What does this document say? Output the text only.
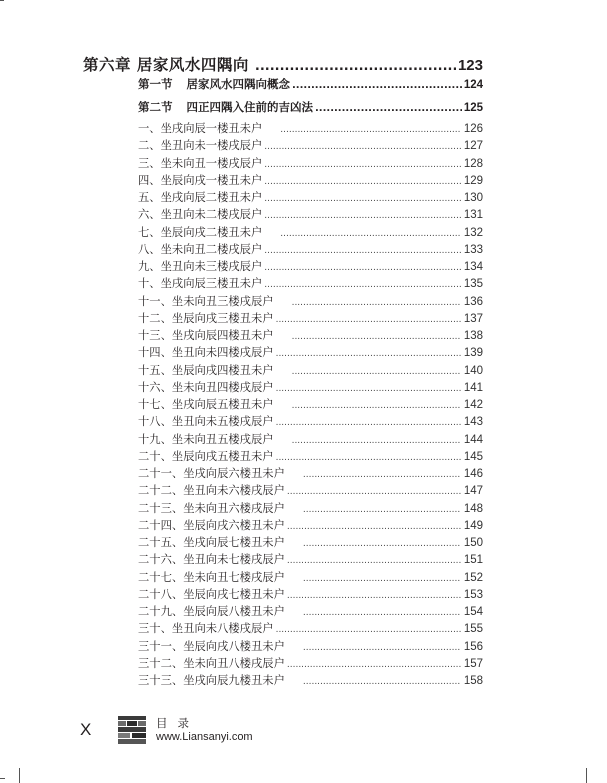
第六章 居家风水四隅向 .....	123
第一节 居家风水四隅向概念 .....	124
第二节 四正四隅入住前的吉凶法 .....	125
一、坐戌向辰一楼丑未户 .....	126
二、坐丑向未一楼戌辰户 .....	127
三、坐未向丑一楼戌辰户 .....	128
四、坐辰向戌一楼丑未户 .....	129
五、坐戌向辰二楼丑未户 .....	130
六、坐丑向未二楼戌辰户 .....	131
七、坐辰向戌二楼丑未户 .....	132
八、坐未向丑二楼戌辰户 .....	133
九、坐丑向未三楼戌辰户 .....	134
十、坐戌向辰三楼丑未户 .....	135
十一、坐未向丑三楼戌辰户 .....	136
十二、坐辰向戌三楼丑未户 .....	137
十三、坐戌向辰四楼丑未户 .....	138
十四、坐丑向未四楼戌辰户 .....	139
十五、坐辰向戌四楼丑未户 .....	140
十六、坐未向丑四楼戌辰户 .....	141
十七、坐戌向辰五楼丑未户 .....	142
十八、坐丑向未五楼戌辰户 .....	143
十九、坐未向丑五楼戌辰户 .....	144
二十、坐辰向戌五楼丑未户 .....	145
二十一、坐戌向辰六楼丑未户 .....	146
二十二、坐丑向未六楼戌辰户 .....	147
二十三、坐未向丑六楼戌辰户 .....	148
二十四、坐辰向戌六楼丑未户 .....	149
二十五、坐戌向辰七楼丑未户 .....	150
二十六、坐丑向未七楼戌辰户 .....	151
二十七、坐未向丑七楼戌辰户 .....	152
二十八、坐辰向戌七楼丑未户 .....	153
二十九、坐辰向辰八楼丑未户 .....	154
三十、坐丑向未八楼戌辰户 .....	155
三十一、坐辰向戌八楼丑未户 .....	156
三十二、坐未向丑八楼戌辰户 .....	157
三十三、坐戌向辰九楼丑未户 .....	158
X	目录
www.Liansanyi.com
